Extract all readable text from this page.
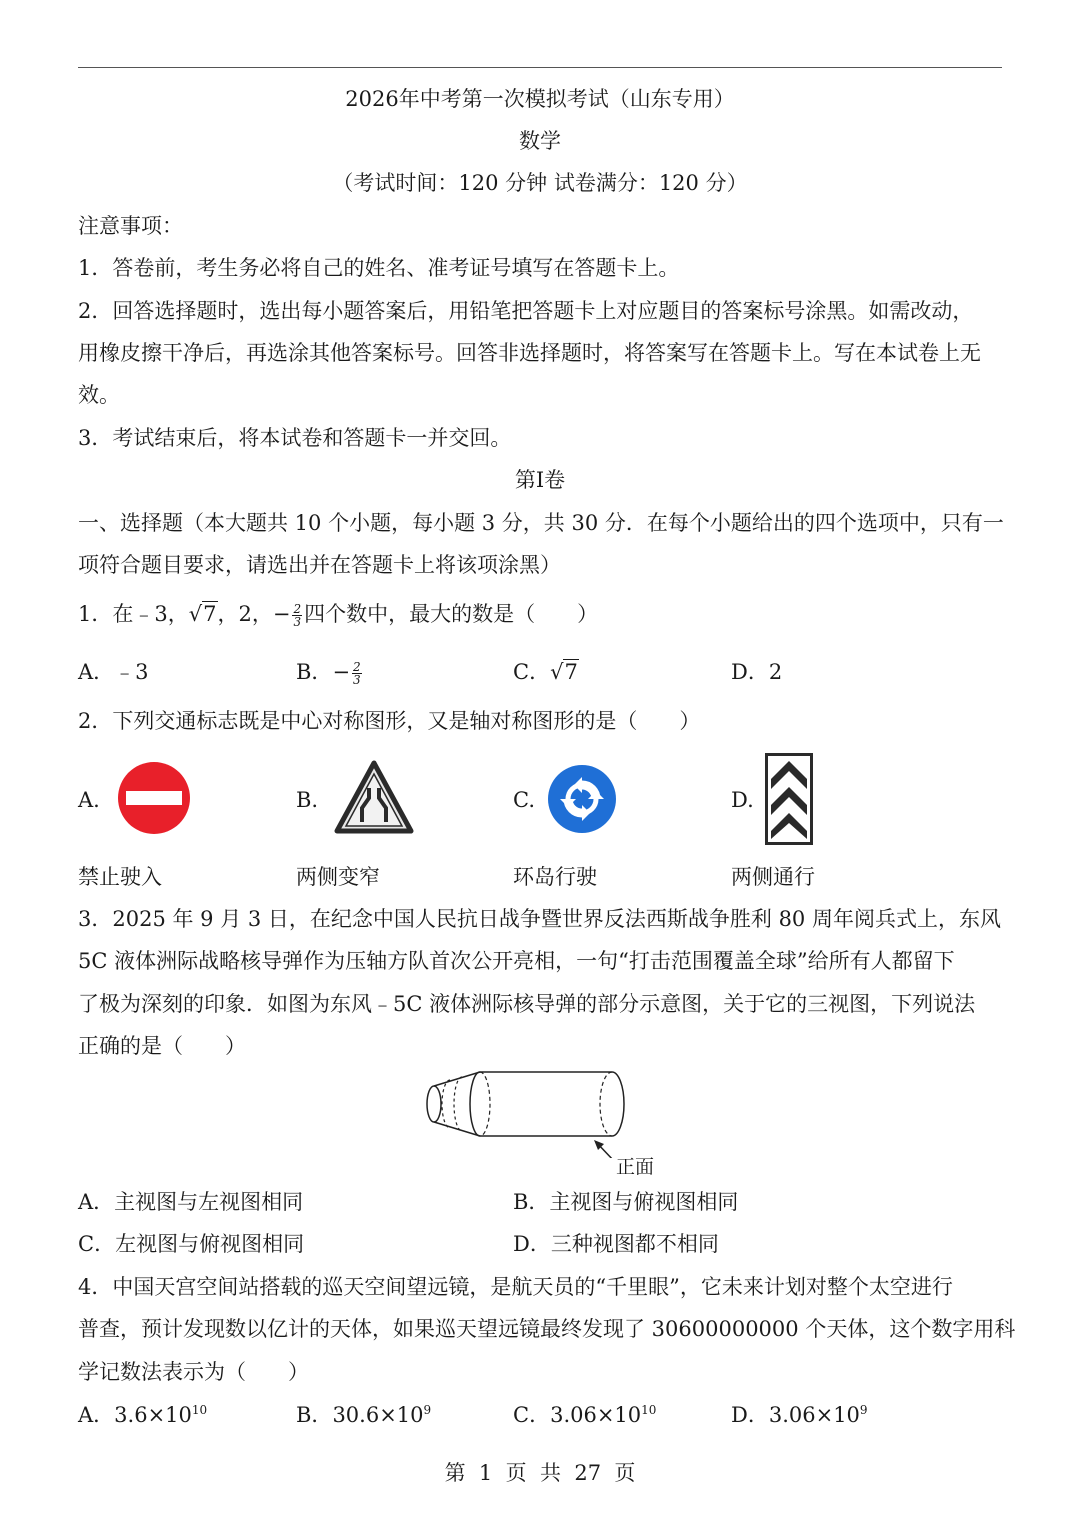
2026年中考第一次模拟考试（山东专用）
数学
（考试时间：120 分钟 试卷满分：120 分）
注意事项：
1．答卷前，考生务必将自己的姓名、准考证号填写在答题卡上。
2．回答选择题时，选出每小题答案后，用铅笔把答题卡上对应题目的答案标号涂黑。如需改动，
用橡皮擦干净后，再选涂其他答案标号。回答非选择题时，将答案写在答题卡上。写在本试卷上无
效。
3．考试结束后，将本试卷和答题卡一并交回。
第Ⅰ卷
一、选择题（本大题共 10 个小题，每小题 3 分，共 30 分．在每个小题给出的四个选项中，只有一
项符合题目要求，请选出并在答题卡上将该项涂黑）
1．在﹣3，√7，2，− $\frac{2}{3}$ 四个数中，最大的数是（　　）
A．﹣3	B．− $\frac{2}{3}$	C．√7	D．2
2．下列交通标志既是中心对称图形，又是轴对称图形的是（　　）
A.	B.	C.	D.
禁止驶入	两侧变窄	环岛行驶	两侧通行
3．2025 年 9 月 3 日，在纪念中国人民抗日战争暨世界反法西斯战争胜利 80 周年阅兵式上，东风
5C 液体洲际战略核导弹作为压轴方队首次公开亮相，一句“打击范围覆盖全球”给所有人都留下
了极为深刻的印象．如图为东风﹣5C 液体洲际核导弹的部分示意图，关于它的三视图，下列说法
正确的是（　　）
正面
A．主视图与左视图相同	B．主视图与俯视图相同
C．左视图与俯视图相同	D．三种视图都不相同
4．中国天宫空间站搭载的巡天空间望远镜，是航天员的“千里眼”，它未来计划对整个太空进行
普查，预计发现数以亿计的天体，如果巡天望远镜最终发现了 30600000000 个天体，这个数字用科
学记数法表示为（　　）
A．$3.6\times 10^{10}$	B．$30.6\times 10^9$	C．$3.06\times 10^{10}$	D．$3.06\times 10^9$
第  1  页  共  27  页
